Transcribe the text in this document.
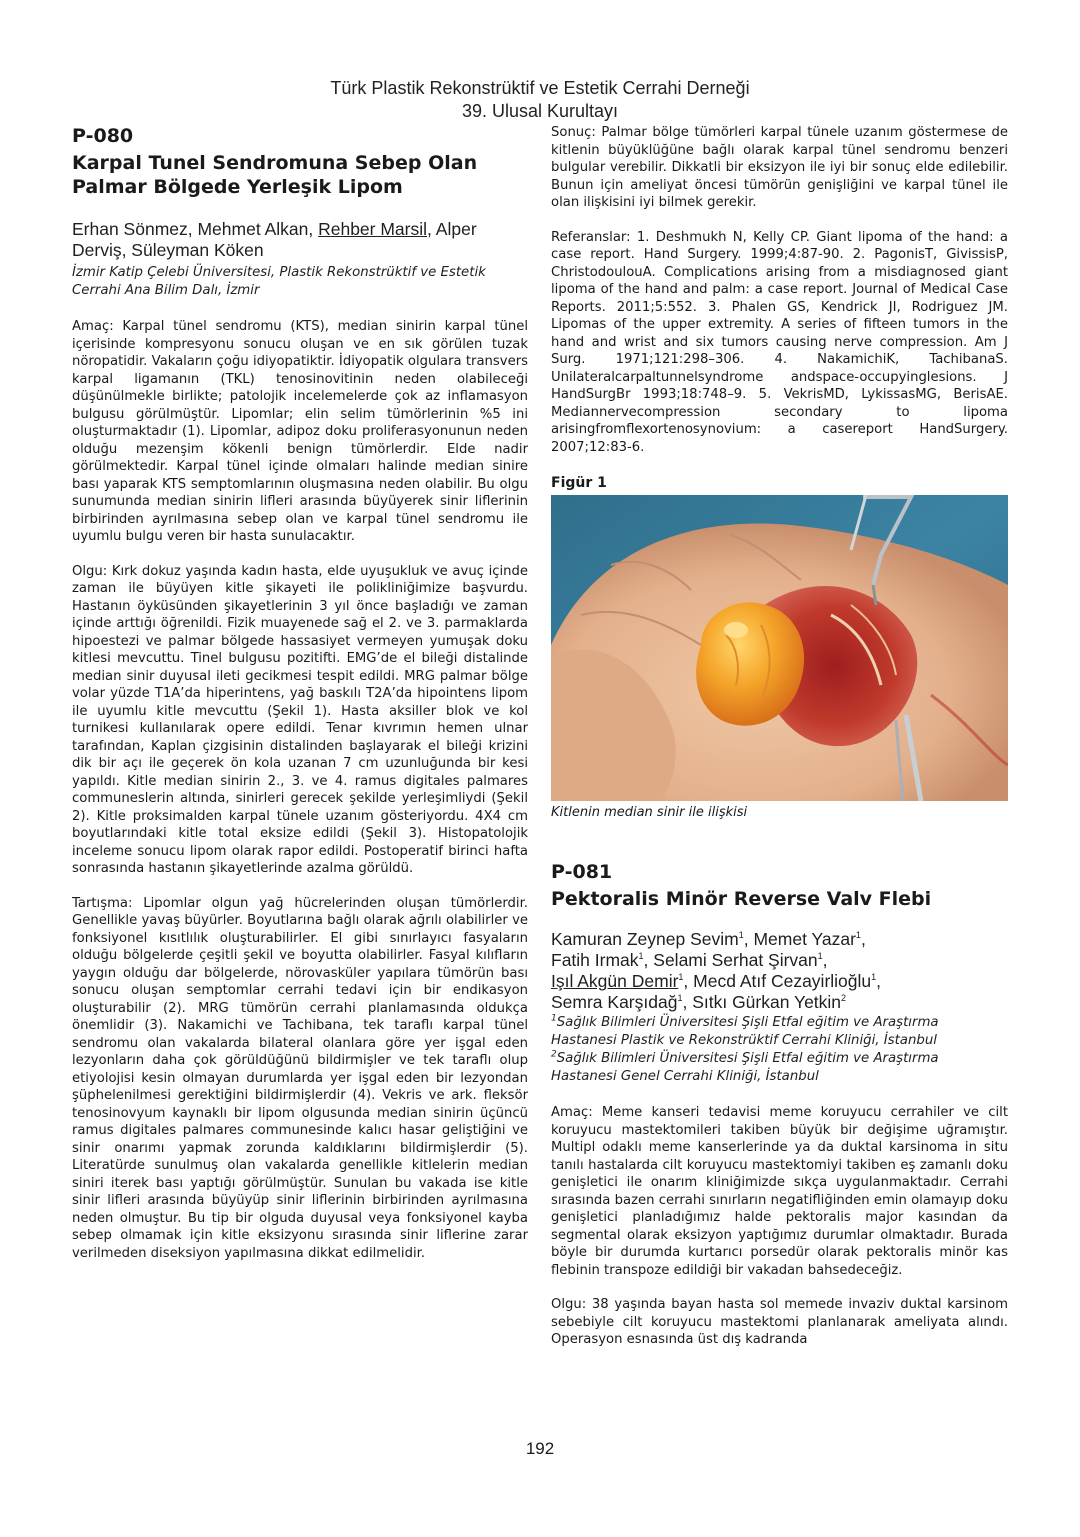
Türk Plastik Rekonstrüktif ve Estetik Cerrahi Derneği
39. Ulusal Kurultayı

P-080

Karpal Tunel Sendromuna Sebep Olan Palmar Bölgede Yerleşik Lipom

Erhan Sönmez, Mehmet Alkan, Rehber Marsil, Alper Derviş, Süleyman Köken

İzmir Katip Çelebi Üniversitesi, Plastik Rekonstrüktif ve Estetik Cerrahi Ana Bilim Dalı, İzmir

Amaç: Karpal tünel sendromu (KTS), median sinirin karpal tünel içerisinde kompresyonu sonucu oluşan ve en sık görülen tuzak nöropatidir. Vakaların çoğu idiyopatiktir. İdiyopatik olgulara transvers karpal ligamanın (TKL) tenosinovitinin neden olabileceği düşünülmekle birlikte; patolojik incelemelerde çok az inflamasyon bulgusu görülmüştür. Lipomlar; elin selim tümörlerinin %5 ini oluşturmaktadır (1). Lipomlar, adipoz doku proliferasyonunun neden olduğu mezenşim kökenli benign tümörlerdir. Elde nadir görülmektedir. Karpal tünel içinde olmaları halinde median sinire bası yaparak KTS semptomlarının oluşmasına neden olabilir. Bu olgu sunumunda median sinirin lifleri arasında büyüyerek sinir liflerinin birbirinden ayrılmasına sebep olan ve karpal tünel sendromu ile uyumlu bulgu veren bir hasta sunulacaktır.

Olgu: Kırk dokuz yaşında kadın hasta, elde uyuşukluk ve avuç içinde zaman ile büyüyen kitle şikayeti ile polikliniğimize başvurdu. Hastanın öyküsünden şikayetlerinin 3 yıl önce başladığı ve zaman içinde arttığı öğrenildi. Fizik muayenede sağ el 2. ve 3. parmaklarda hipoestezi ve palmar bölgede hassasiyet vermeyen yumuşak doku kitlesi mevcuttu. Tinel bulgusu pozitifti. EMG’de el bileği distalinde median sinir duyusal ileti gecikmesi tespit edildi. MRG palmar bölge volar yüzde T1A’da hiperintens, yağ baskılı T2A’da hipointens lipom ile uyumlu kitle mevcuttu (Şekil 1). Hasta aksiller blok ve kol turnikesi kullanılarak opere edildi. Tenar kıvrımın hemen ulnar tarafından, Kaplan çizgisinin distalinden başlayarak el bileği krizini dik bir açı ile geçerek ön kola uzanan 7 cm uzunluğunda bir kesi yapıldı. Kitle median sinirin 2., 3. ve 4. ramus digitales palmares communeslerin altında, sinirleri gerecek şekilde yerleşimliydi (Şekil 2). Kitle proksimalden karpal tünele uzanım gösteriyordu. 4X4 cm boyutlarındaki kitle total eksize edildi (Şekil 3). Histopatolojik inceleme sonucu lipom olarak rapor edildi. Postoperatif birinci hafta sonrasında hastanın şikayetlerinde azalma görüldü.

Tartışma: Lipomlar olgun yağ hücrelerinden oluşan tümörlerdir. Genellikle yavaş büyürler. Boyutlarına bağlı olarak ağrılı olabilirler ve fonksiyonel kısıtlılık oluşturabilirler. El gibi sınırlayıcı fasyaların olduğu bölgelerde çeşitli şekil ve boyutta olabilirler. Fasyal kılıfların yaygın olduğu dar bölgelerde, nörovasküler yapılara tümörün bası sonucu oluşan semptomlar cerrahi tedavi için bir endikasyon oluşturabilir (2). MRG tümörün cerrahi planlamasında oldukça önemlidir (3). Nakamichi ve Tachibana, tek taraflı karpal tünel sendromu olan vakalarda bilateral olanlara göre yer işgal eden lezyonların daha çok görüldüğünü bildirmişler ve tek taraflı olup etiyolojisi kesin olmayan durumlarda yer işgal eden bir lezyondan şüphelenilmesi gerektiğini bildirmişlerdir (4). Vekris ve ark. fleksör tenosinovyum kaynaklı bir lipom olgusunda median sinirin üçüncü ramus digitales palmares communesinde kalıcı hasar geliştiğini ve sinir onarımı yapmak zorunda kaldıklarını bildirmişlerdir (5). Literatürde sunulmuş olan vakalarda genellikle kitlelerin median siniri iterek bası yaptığı görülmüştür. Sunulan bu vakada ise kitle sinir lifleri arasında büyüyüp sinir liflerinin birbirinden ayrılmasına neden olmuştur. Bu tip bir olguda duyusal veya fonksiyonel kayba sebep olmamak için kitle eksizyonu sırasında sinir liflerine zarar verilmeden diseksiyon yapılmasına dikkat edilmelidir.

Sonuç: Palmar bölge tümörleri karpal tünele uzanım göstermese de kitlenin büyüklüğüne bağlı olarak karpal tünel sendromu benzeri bulgular verebilir. Dikkatli bir eksizyon ile iyi bir sonuç elde edilebilir. Bunun için ameliyat öncesi tümörün genişliğini ve karpal tünel ile olan ilişkisini iyi bilmek gerekir.

Referanslar: 1. Deshmukh N, Kelly CP. Giant lipoma of the hand: a case report. Hand Surgery. 1999;4:87-90. 2. PagonisT, GivissisP, ChristodoulouA. Complications arising from a misdiagnosed giant lipoma of the hand and palm: a case report. Journal of Medical Case Reports. 2011;5:552. 3. Phalen GS, Kendrick JI, Rodriguez JM. Lipomas of the upper extremity. A series of fifteen tumors in the hand and wrist and six tumors causing nerve compression. Am J Surg. 1971;121:298–306. 4. NakamichiK, TachibanaS. Unilateralcarpaltunnelsyndrome andspace-occupyinglesions. J HandSurgBr 1993;18:748–9. 5. VekrisMD, LykissasMG, BerisAE. Mediannervecompression secondary to lipoma arisingfromflexortenosynovium: a casereport HandSurgery. 2007;12:83-6.

Figür 1

Kitlenin median sinir ile ilişkisi

P-081

Pektoralis Minör Reverse Valv Flebi

Kamuran Zeynep Sevim$^1$, Memet Yazar$^1$,
Fatih Irmak$^1$, Selami Serhat Şirvan$^1$,
Işıl Akgün Demir$^1$, Mecd Atıf Cezayirlioğlu$^1$,
Semra Karşıdağ$^1$, Sıtkı Gürkan Yetkin$^2$

$^1$Sağlık Bilimleri Üniversitesi Şişli Etfal eğitim ve Araştırma Hastanesi Plastik ve Rekonstrüktif Cerrahi Kliniği, İstanbul

$^2$Sağlık Bilimleri Üniversitesi Şişli Etfal eğitim ve Araştırma Hastanesi Genel Cerrahi Kliniği, İstanbul

Amaç: Meme kanseri tedavisi meme koruyucu cerrahiler ve cilt koruyucu mastektomileri takiben büyük bir değişime uğramıştır. Multipl odaklı meme kanserlerinde ya da duktal karsinoma in situ tanılı hastalarda cilt koruyucu mastektomiyi takiben eş zamanlı doku genişletici ile onarım kliniğimizde sıkça uygulanmaktadır. Cerrahi sırasında bazen cerrahi sınırların negatifliğinden emin olamayıp doku genişletici planladığımız halde pektoralis major kasından da segmental olarak eksizyon yaptığımız durumlar olmaktadır. Burada böyle bir durumda kurtarıcı porsedür olarak pektoralis minör kas flebinin transpoze edildiği bir vakadan bahsedeceğiz.

Olgu: 38 yaşında bayan hasta sol memede invaziv duktal karsinom sebebiyle cilt koruyucu mastektomi planlanarak ameliyata alındı. Operasyon esnasında üst dış kadranda

192
